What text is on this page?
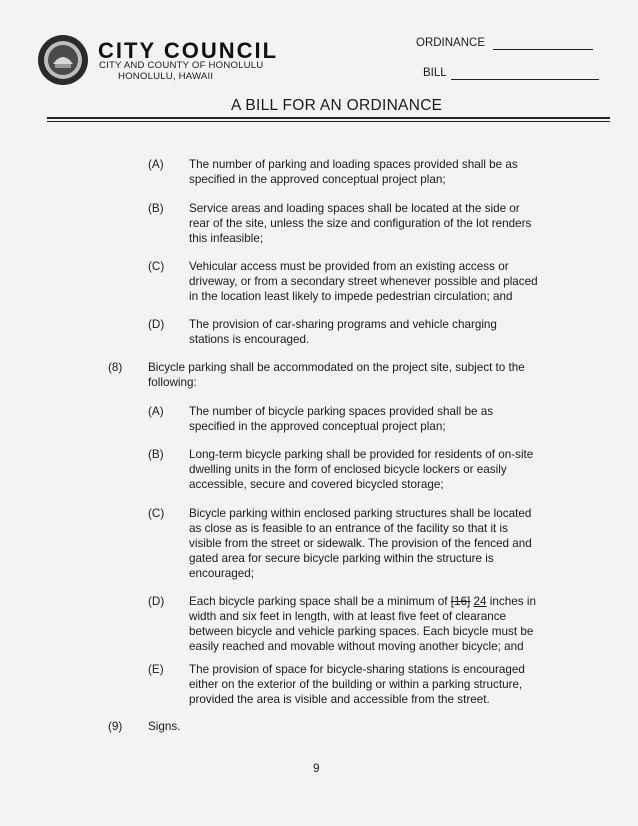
CITY COUNCIL
CITY AND COUNTY OF HONOLULU
HONOLULU, HAWAII
ORDINANCE
BILL
A BILL FOR AN ORDINANCE
(A) The number of parking and loading spaces provided shall be as
specified in the approved conceptual project plan;
(B) Service areas and loading spaces shall be located at the side or
rear of the site, unless the size and configuration of the lot renders
this infeasible;
(C) Vehicular access must be provided from an existing access or
driveway, or from a secondary street whenever possible and placed
in the location least likely to impede pedestrian circulation; and
(D) The provision of car-sharing programs and vehicle charging
stations is encouraged.
(8) Bicycle parking shall be accommodated on the project site, subject to the
following:
(A) The number of bicycle parking spaces provided shall be as
specified in the approved conceptual project plan;
(B) Long-term bicycle parking shall be provided for residents of on-site
dwelling units in the form of enclosed bicycle lockers or easily
accessible, secure and covered bicycled storage;
(C) Bicycle parking within enclosed parking structures shall be located
as close as is feasible to an entrance of the facility so that it is
visible from the street or sidewalk. The provision of the fenced and
gated area for secure bicycle parking within the structure is
encouraged;
(D) Each bicycle parking space shall be a minimum of [16] 24 inches in
width and six feet in length, with at least five feet of clearance
between bicycle and vehicle parking spaces. Each bicycle must be
easily reached and movable without moving another bicycle; and
(E) The provision of space for bicycle-sharing stations is encouraged
either on the exterior of the building or within a parking structure,
provided the area is visible and accessible from the street.
(9) Signs.
9
